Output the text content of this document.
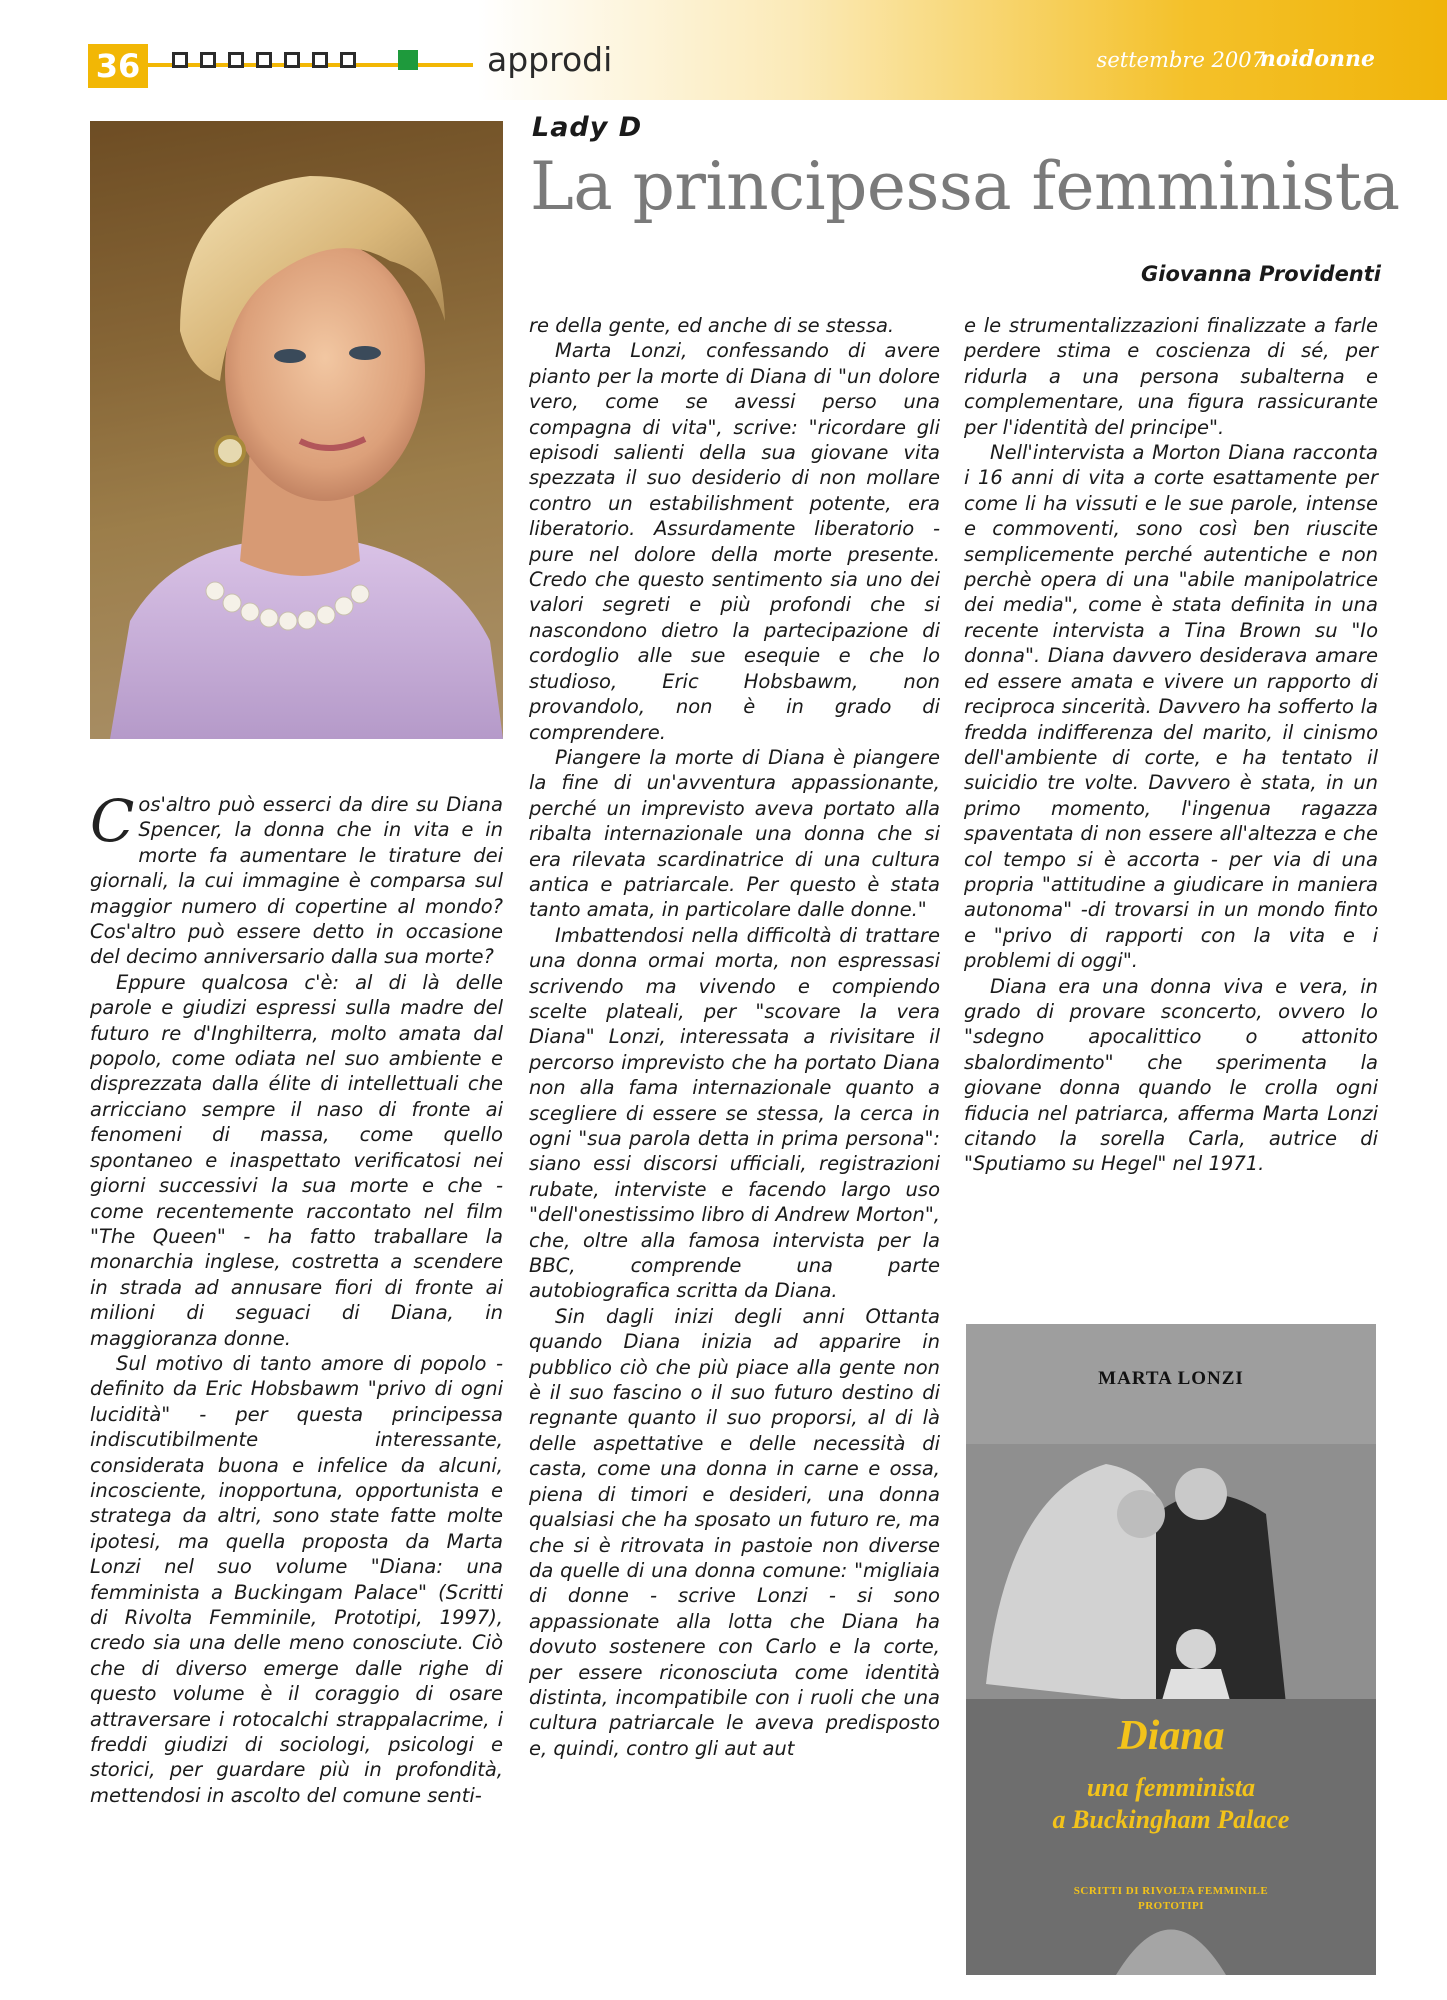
36	approdi	settembre 2007
noidonne
Lady D
La principessa femminista
Giovanna Providenti

Cos'altro può esserci da dire su Diana Spencer, la donna che in vita e in morte fa aumentare le tirature dei giornali, la cui immagine è comparsa sul maggior numero di copertine al mondo? Cos'altro può essere detto in occasione del decimo anniversario dalla sua morte?

Eppure qualcosa c'è: al di là delle parole e giudizi espressi sulla madre del futuro re d'Inghilterra, molto amata dal popolo, come odiata nel suo ambiente e disprezzata dalla élite di intellettuali che arricciano sempre il naso di fronte ai fenomeni di massa, come quello spontaneo e inaspettato verificatosi nei giorni successivi la sua morte e che - come recentemente raccontato nel film "The Queen" - ha fatto traballare la monarchia inglese, costretta a scendere in strada ad annusare fiori di fronte ai milioni di seguaci di Diana, in maggioranza donne.

Sul motivo di tanto amore di popolo - definito da Eric Hobsbawm "privo di ogni lucidità" - per questa principessa indiscutibilmente interessante, considerata buona e infelice da alcuni, incosciente, inopportuna, opportunista e stratega da altri, sono state fatte molte ipotesi, ma quella proposta da Marta Lonzi nel suo volume "Diana: una femminista a Buckingam Palace" (Scritti di Rivolta Femminile, Prototipi, 1997), credo sia una delle meno conosciute. Ciò che di diverso emerge dalle righe di questo volume è il coraggio di osare attraversare i rotocalchi strappalacrime, i freddi giudizi di sociologi, psicologi e storici, per guardare più in profondità, mettendosi in ascolto del comune senti-

re della gente, ed anche di se stessa.

Marta Lonzi, confessando di avere pianto per la morte di Diana di "un dolore vero, come se avessi perso una compagna di vita", scrive: "ricordare gli episodi salienti della sua giovane vita spezzata il suo desiderio di non mollare contro un estabilishment potente, era liberatorio. Assurdamente liberatorio - pure nel dolore della morte presente. Credo che questo sentimento sia uno dei valori segreti e più profondi che si nascondono dietro la partecipazione di cordoglio alle sue esequie e che lo studioso, Eric Hobsbawm, non provandolo, non è in grado di comprendere.

Piangere la morte di Diana è piangere la fine di un'avventura appassionante, perché un imprevisto aveva portato alla ribalta internazionale una donna che si era rilevata scardinatrice di una cultura antica e patriarcale. Per questo è stata tanto amata, in particolare dalle donne."

Imbattendosi nella difficoltà di trattare una donna ormai morta, non espressasi scrivendo ma vivendo e compiendo scelte plateali, per "scovare la vera Diana" Lonzi, interessata a rivisitare il percorso imprevisto che ha portato Diana non alla fama internazionale quanto a scegliere di essere se stessa, la cerca in ogni "sua parola detta in prima persona": siano essi discorsi ufficiali, registrazioni rubate, interviste e facendo largo uso "dell'onestissimo libro di Andrew Morton", che, oltre alla famosa intervista per la BBC, comprende una parte autobiografica scritta da Diana.

Sin dagli inizi degli anni Ottanta quando Diana inizia ad apparire in pubblico ciò che più piace alla gente non è il suo fascino o il suo futuro destino di regnante quanto il suo proporsi, al di là delle aspettative e delle necessità di casta, come una donna in carne e ossa, piena di timori e desideri, una donna qualsiasi che ha sposato un futuro re, ma che si è ritrovata in pastoie non diverse da quelle di una donna comune: "migliaia di donne - scrive Lonzi - si sono appassionate alla lotta che Diana ha dovuto sostenere con Carlo e la corte, per essere riconosciuta come identità distinta, incompatibile con i ruoli che una cultura patriarcale le aveva predisposto e, quindi, contro gli aut aut

e le strumentalizzazioni finalizzate a farle perdere stima e coscienza di sé, per ridurla a una persona subalterna e complementare, una figura rassicurante per l'identità del principe".

Nell'intervista a Morton Diana racconta i 16 anni di vita a corte esattamente per come li ha vissuti e le sue parole, intense e commoventi, sono così ben riuscite semplicemente perché autentiche e non perchè opera di una "abile manipolatrice dei media", come è stata definita in una recente intervista a Tina Brown su "Io donna". Diana davvero desiderava amare ed essere amata e vivere un rapporto di reciproca sincerità. Davvero ha sofferto la fredda indifferenza del marito, il cinismo dell'ambiente di corte, e ha tentato il suicidio tre volte. Davvero è stata, in un primo momento, l'ingenua ragazza spaventata di non essere all'altezza e che col tempo si è accorta - per via di una propria "attitudine a giudicare in maniera autonoma" -di trovarsi in un mondo finto e "privo di rapporti con la vita e i problemi di oggi".

Diana era una donna viva e vera, in grado di provare sconcerto, ovvero lo "sdegno apocalittico o attonito sbalordimento" che sperimenta la giovane donna quando le crolla ogni fiducia nel patriarca, afferma Marta Lonzi citando la sorella Carla, autrice di "Sputiamo su Hegel" nel 1971.

MARTA LONZI
Diana
una femminista
a Buckingham Palace
SCRITTI DI RIVOLTA FEMMINILE
PROTOTIPI
